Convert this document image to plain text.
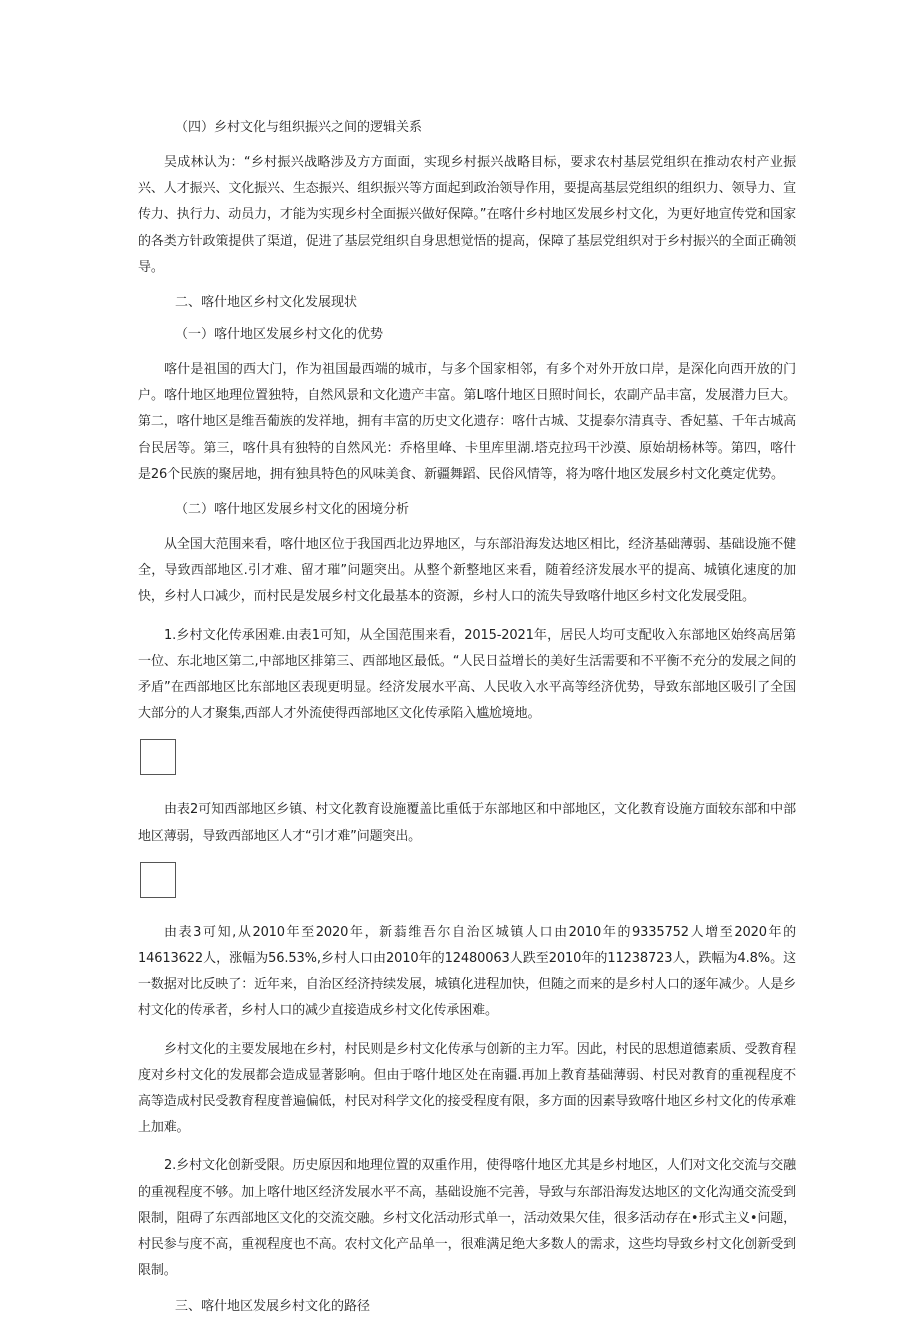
（四）乡村文化与组织振兴之间的逻辑关系

吴成林认为：“乡村振兴战略涉及方方面面，实现乡村振兴战略目标，要求农村基层党组织在推动农村产业振兴、人才振兴、文化振兴、生态振兴、组织振兴等方面起到政治领导作用，要提高基层党组织的组织力、领导力、宣传力、执行力、动员力，才能为实现乡村全面振兴做好保障。”在喀什乡村地区发展乡村文化，为更好地宣传党和国家的各类方针政策提供了渠道，促进了基层党组织自身思想觉悟的提高，保障了基层党组织对于乡村振兴的全面正确领导。

二、喀什地区乡村文化发展现状

（一）喀什地区发展乡村文化的优势

喀什是祖国的西大门，作为祖国最西端的城市，与多个国家相邻，有多个对外开放口岸，是深化向西开放的门户。喀什地区地理位置独特，自然风景和文化遗产丰富。第L喀什地区日照时间长，农副产品丰富，发展潜力巨大。第二，喀什地区是维吾葡族的发祥地，拥有丰富的历史文化遗存：喀什古城、艾提泰尔清真寺、香妃墓、千年古城高台民居等。第三，喀什具有独特的自然风光：乔格里峰、卡里库里湖.塔克拉玛干沙漠、原始胡杨林等。第四，喀什是26个民族的聚居地，拥有独具特色的风味美食、新疆舞蹈、民俗风情等，将为喀什地区发展乡村文化奠定优势。

（二）喀什地区发展乡村文化的困境分析

从全国大范围来看，喀什地区位于我国西北边界地区，与东部沿海发达地区相比，经济基础薄弱、基础设施不健全，导致西部地区.引才难、留才璀”问题突出。从整个新整地区来看，随着经济发展水平的提高、城镇化速度的加快，乡村人口减少，而村民是发展乡村文化最基本的资源，乡村人口的流失导致喀什地区乡村文化发展受阻。

1.乡村文化传承困难.由表1可知，从全国范围来看，2015-2021年，居民人均可支配收入东部地区始终高居第一位、东北地区第二,中部地区排第三、西部地区最低。“人民日益增长的美好生活需要和不平衡不充分的发展之间的矛盾”在西部地区比东部地区表现更明显。经济发展水平高、人民收入水平高等经济优势，导致东部地区吸引了全国大部分的人才聚集,西部人才外流使得西部地区文化传承陷入尴尬境地。

由表2可知西部地区乡镇、村文化教育设施覆盖比重低于东部地区和中部地区，文化教育设施方面较东部和中部地区薄弱，导致西部地区人才“引才难”问题突出。

由表3可知,从2010年至2020年，新蓊维吾尔自治区城镇人口由2010年的9335752人增至2020年的14613622人，涨幅为56.53%,乡村人口由2010年的12480063人跌至2010年的11238723人，跌幅为4.8%。这一数据对比反映了：近年来，自治区经济持续发展，城镇化进程加快，但随之而来的是乡村人口的逐年减少。人是乡村文化的传承者，乡村人口的减少直接造成乡村文化传承困难。

乡村文化的主要发展地在乡村，村民则是乡村文化传承与创新的主力军。因此，村民的思想道德素质、受教育程度对乡村文化的发展都会造成显著影响。但由于喀什地区处在南疆.再加上教育基础薄弱、村民对教育的重视程度不高等造成村民受教育程度普遍偏低，村民对科学文化的接受程度有限，多方面的因素导致喀什地区乡村文化的传承难上加难。

2.乡村文化创新受限。历史原因和地理位置的双重作用，使得喀什地区尤其是乡村地区，人们对文化交流与交融的重视程度不够。加上喀什地区经济发展水平不高，基础设施不完善，导致与东部沿海发达地区的文化沟通交流受到限制，阻碍了东西部地区文化的交流交融。乡村文化活动形式单一，活动效果欠佳，很多活动存在•形式主义•问题，村民参与度不高，重视程度也不高。农村文化产品单一，很难满足绝大多数人的需求，这些均导致乡村文化创新受到限制。

三、喀什地区发展乡村文化的路径
